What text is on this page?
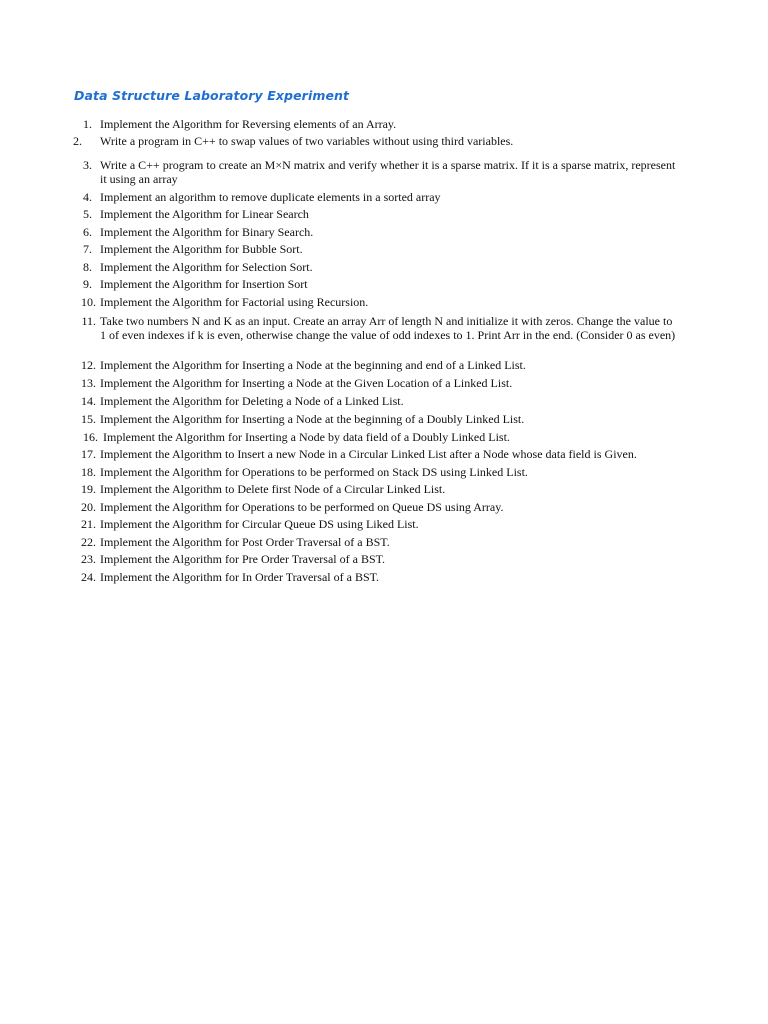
Data Structure Laboratory Experiment
1. Implement the Algorithm for Reversing elements of an Array.
2. Write a program in C++ to swap values of two variables without using third variables.
3. Write a C++ program to create an M×N matrix and verify whether it is a sparse matrix. If it is a sparse matrix, represent it using an array
4. Implement an algorithm to remove duplicate elements in a sorted array
5. Implement the Algorithm for Linear Search
6. Implement the Algorithm for Binary Search.
7. Implement the Algorithm for Bubble Sort.
8. Implement the Algorithm for Selection Sort.
9. Implement the Algorithm for Insertion Sort
10. Implement the Algorithm for Factorial using Recursion.
11. Take two numbers N and K as an input. Create an array Arr of length N and initialize it with zeros. Change the value to 1 of even indexes if k is even, otherwise change the value of odd indexes to 1. Print Arr in the end. (Consider 0 as even)
12. Implement the Algorithm for Inserting a Node at the beginning and end of a Linked List.
13. Implement the Algorithm for Inserting a Node at the Given Location of a Linked List.
14. Implement the Algorithm for Deleting a Node of a Linked List.
15. Implement the Algorithm for Inserting a Node at the beginning of a Doubly Linked List.
16. Implement the Algorithm for Inserting a Node by data field of a Doubly Linked List.
17. Implement the Algorithm to Insert a new Node in a Circular Linked List after a Node whose data field is Given.
18. Implement the Algorithm for Operations to be performed on Stack DS using Linked List.
19. Implement the Algorithm to Delete first Node of a Circular Linked List.
20. Implement the Algorithm for Operations to be performed on Queue DS using Array.
21. Implement the Algorithm for Circular Queue DS using Liked List.
22. Implement the Algorithm for Post Order Traversal of a BST.
23. Implement the Algorithm for Pre Order Traversal of a BST.
24. Implement the Algorithm for In Order Traversal of a BST.
